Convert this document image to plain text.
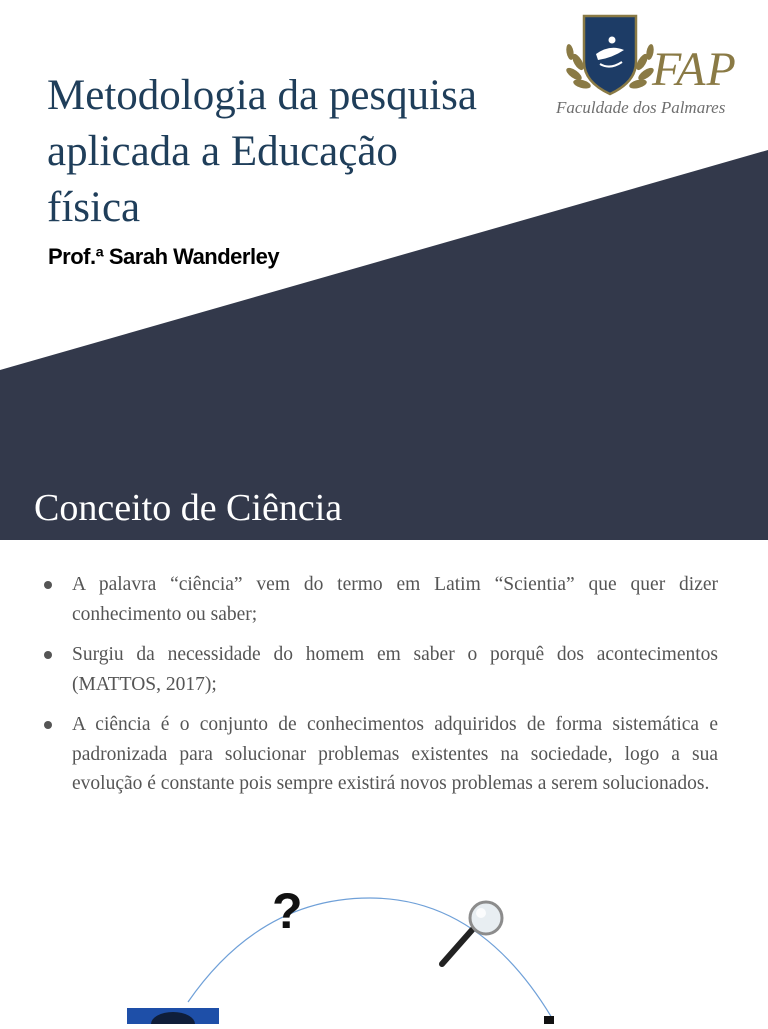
Metodologia da pesquisa aplicada a Educação física
Prof.ª Sarah Wanderley
FAP
Faculdade dos Palmares
Conceito de Ciência
A palavra “ciência” vem do termo em Latim “Scientia” que quer dizer conhecimento ou saber;
Surgiu da necessidade do homem em saber o porquê dos acontecimentos (MATTOS, 2017);
A ciência é o conjunto de conhecimentos adquiridos de forma sistemática e padronizada para solucionar problemas existentes na sociedade, logo a sua evolução é constante pois sempre existirá novos problemas a serem solucionados.
?
